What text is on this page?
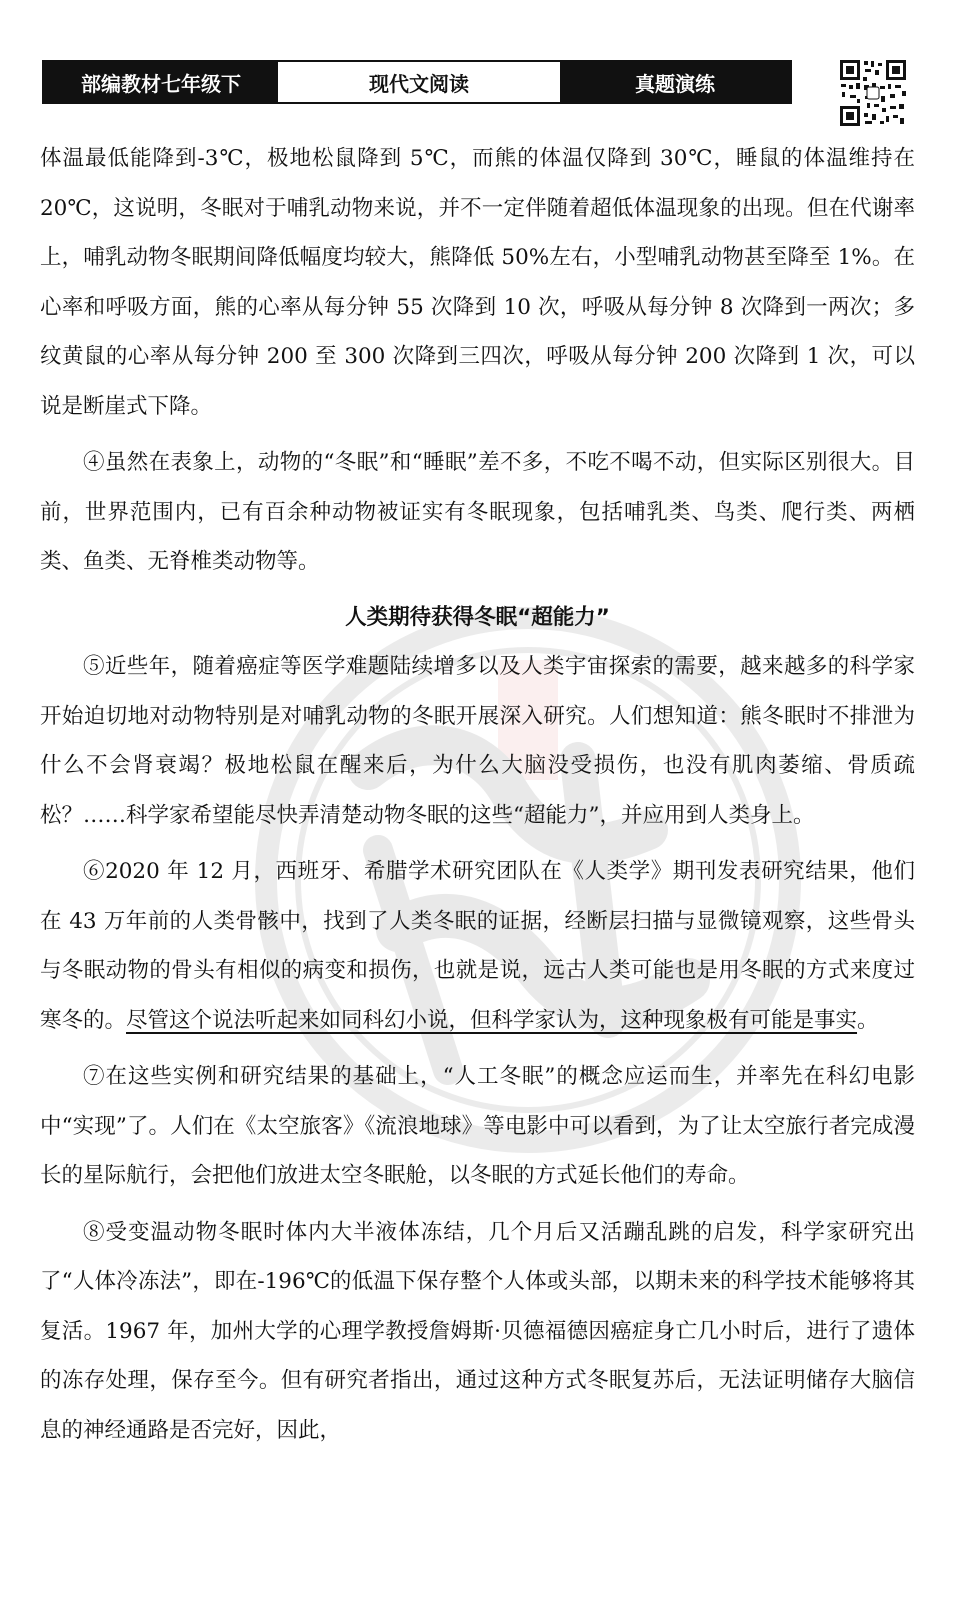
部编教材七年级下	现代文阅读	真题演练

体温最低能降到-3℃，极地松鼠降到 5℃，而熊的体温仅降到 30℃，睡鼠的体温维持在 20℃，这说明，冬眠对于哺乳动物来说，并不一定伴随着超低体温现象的出现。但在代谢率上，哺乳动物冬眠期间降低幅度均较大，熊降低 50%左右，小型哺乳动物甚至降至 1%。在心率和呼吸方面，熊的心率从每分钟 55 次降到 10 次，呼吸从每分钟 8 次降到一两次；多纹黄鼠的心率从每分钟 200 至 300 次降到三四次，呼吸从每分钟 200 次降到 1 次，可以说是断崖式下降。

④虽然在表象上，动物的“冬眠”和“睡眠”差不多，不吃不喝不动，但实际区别很大。目前，世界范围内，已有百余种动物被证实有冬眠现象，包括哺乳类、鸟类、爬行类、两栖类、鱼类、无脊椎类动物等。

人类期待获得冬眠“超能力”

⑤近些年，随着癌症等医学难题陆续增多以及人类宇宙探索的需要，越来越多的科学家开始迫切地对动物特别是对哺乳动物的冬眠开展深入研究。人们想知道：熊冬眠时不排泄为什么不会肾衰竭？极地松鼠在醒来后，为什么大脑没受损伤，也没有肌肉萎缩、骨质疏松？……科学家希望能尽快弄清楚动物冬眠的这些“超能力”，并应用到人类身上。

⑥2020 年 12 月，西班牙、希腊学术研究团队在《人类学》期刊发表研究结果，他们在 43 万年前的人类骨骸中，找到了人类冬眠的证据，经断层扫描与显微镜观察，这些骨头与冬眠动物的骨头有相似的病变和损伤，也就是说，远古人类可能也是用冬眠的方式来度过寒冬的。尽管这个说法听起来如同科幻小说，但科学家认为，这种现象极有可能是事实。

⑦在这些实例和研究结果的基础上，“人工冬眠”的概念应运而生，并率先在科幻电影中“实现”了。人们在《太空旅客》《流浪地球》等电影中可以看到，为了让太空旅行者完成漫长的星际航行，会把他们放进太空冬眠舱，以冬眠的方式延长他们的寿命。

⑧受变温动物冬眠时体内大半液体冻结，几个月后又活蹦乱跳的启发，科学家研究出了“人体冷冻法”，即在-196℃的低温下保存整个人体或头部，以期未来的科学技术能够将其复活。1967 年，加州大学的心理学教授詹姆斯·贝德福德因癌症身亡几小时后，进行了遗体的冻存处理，保存至今。但有研究者指出，通过这种方式冬眠复苏后，无法证明储存大脑信息的神经通路是否完好，因此，
